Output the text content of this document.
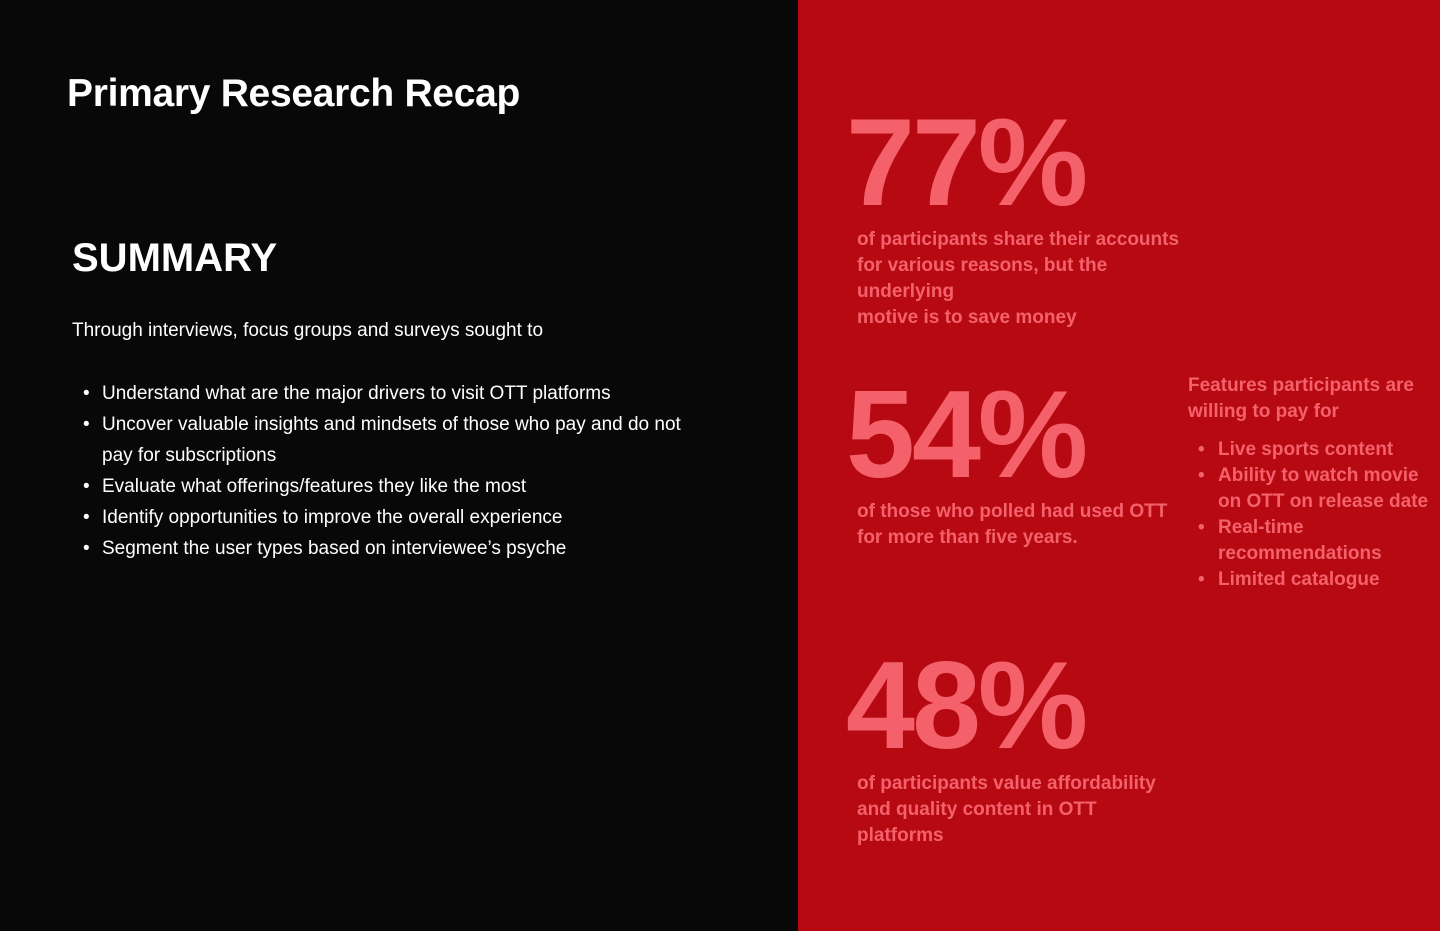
Primary Research Recap
SUMMARY

Through interviews, focus groups and surveys sought to

• Understand what are the major drivers to visit OTT platforms
• Uncover valuable insights and mindsets of those who pay and do not pay for subscriptions
• Evaluate what offerings/features they like the most
• Identify opportunities to improve the overall experience
• Segment the user types based on interviewee’s psyche
77%

of participants share their accounts for various reasons, but the underlying
motive is to save money

54%

of those who polled had used OTT for more than five years.

48%

of participants value affordability and quality content in OTT platforms

Features participants are willing to pay for
• Live sports content
• Ability to watch movie on OTT on release date
• Real-time recommendations
• Limited catalogue
